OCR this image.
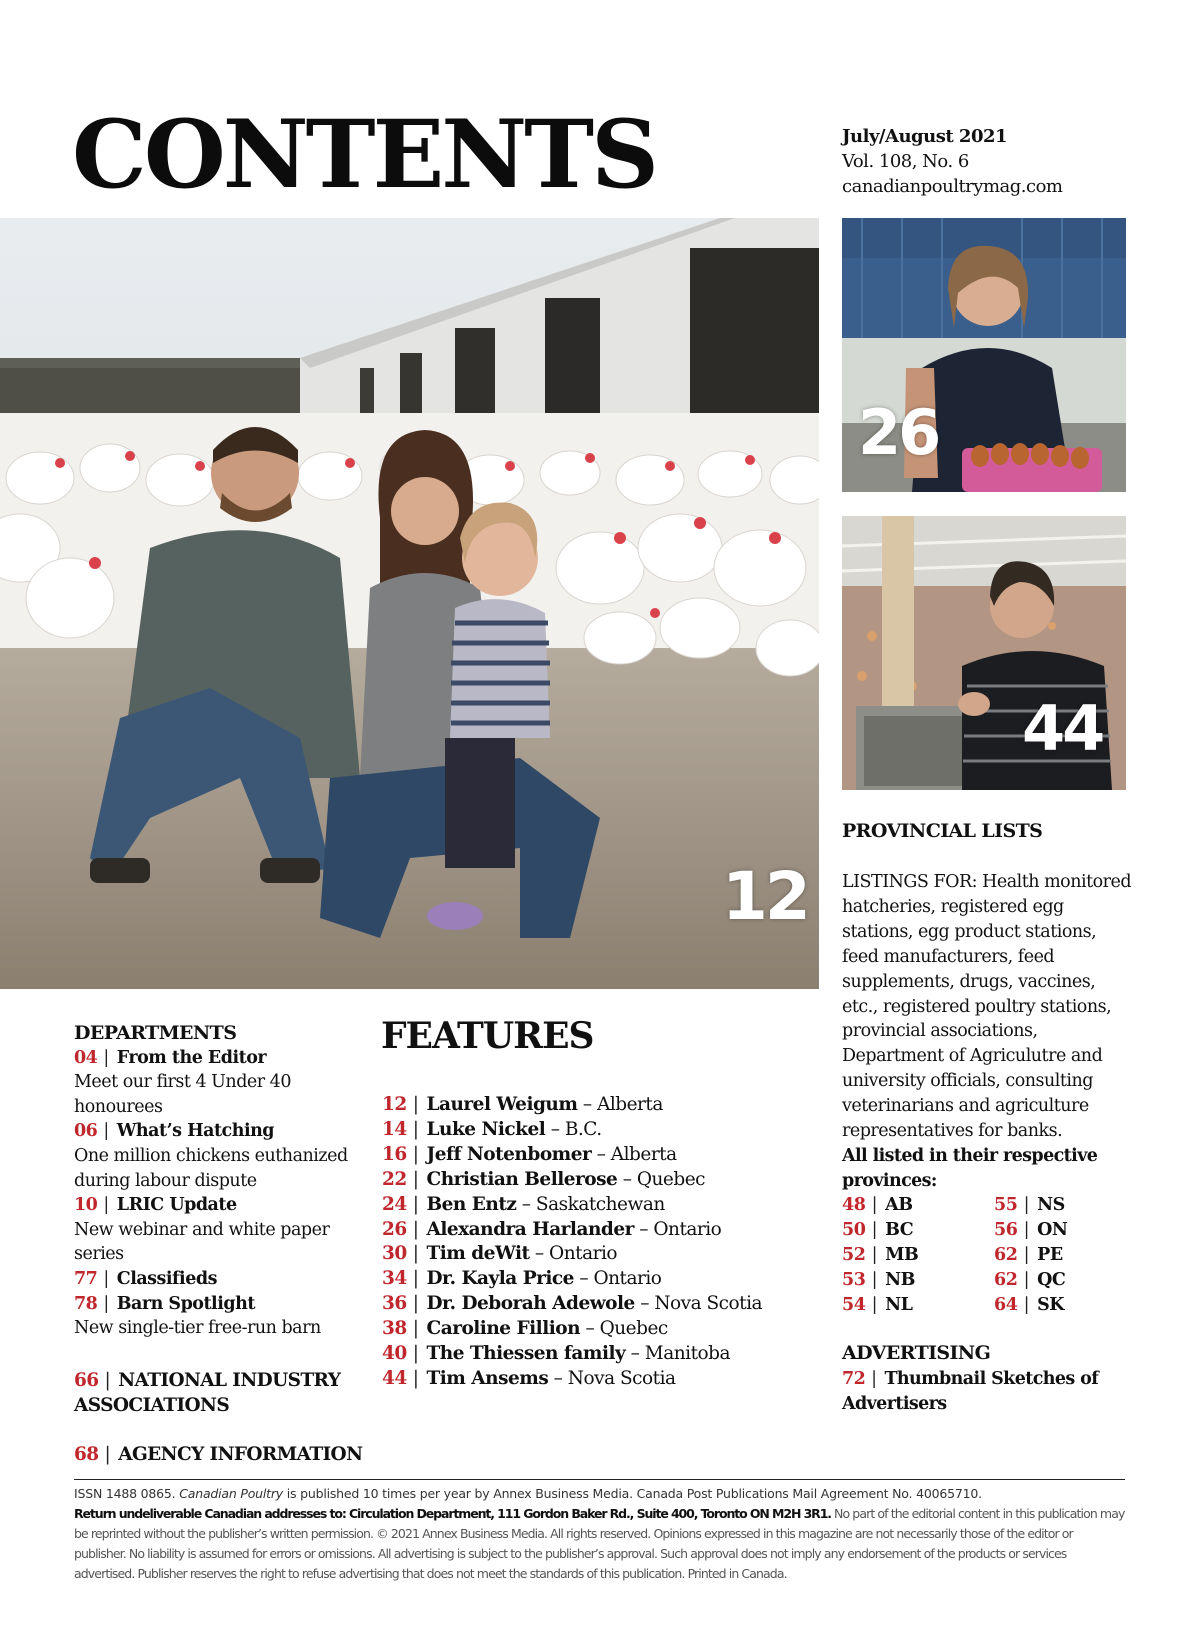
CONTENTS	July/August 2021
Vol. 108, No. 6
canadianpoultrymag.com
12
26
44
DEPARTMENTS
04 | From the Editor
Meet our first 4 Under 40 honourees
06 | What’s Hatching
One million chickens euthanized during labour dispute
10 | LRIC Update
New webinar and white paper series
77 | Classifieds
78 | Barn Spotlight
New single-tier free-run barn
66 | NATIONAL INDUSTRY ASSOCIATIONS
68 | AGENCY INFORMATION
FEATURES
12 | Laurel Weigum – Alberta
14 | Luke Nickel – B.C.
16 | Jeff Notenbomer – Alberta
22 | Christian Bellerose – Quebec
24 | Ben Entz – Saskatchewan
26 | Alexandra Harlander – Ontario
30 | Tim deWit – Ontario
34 | Dr. Kayla Price – Ontario
36 | Dr. Deborah Adewole – Nova Scotia
38 | Caroline Fillion – Quebec
40 | The Thiessen family – Manitoba
44 | Tim Ansems – Nova Scotia
PROVINCIAL LISTS
LISTINGS FOR: Health monitored hatcheries, registered egg stations, egg product stations, feed manufacturers, feed supplements, drugs, vaccines, etc., registered poultry stations, provincial associations, Department of Agriculutre and university officials, consulting veterinarians and agriculture representatives for banks.
All listed in their respective provinces:
48 | AB
50 | BC
52 | MB
53 | NB
54 | NL
55 | NS
56 | ON
62 | PE
62 | QC
64 | SK
ADVERTISING
72 | Thumbnail Sketches of Advertisers
ISSN 1488 0865. Canadian Poultry is published 10 times per year by Annex Business Media. Canada Post Publications Mail Agreement No. 40065710.
Return undeliverable Canadian addresses to: Circulation Department, 111 Gordon Baker Rd., Suite 400, Toronto ON M2H 3R1. No part of the editorial content in this publication may be reprinted without the publisher’s written permission. © 2021 Annex Business Media. All rights reserved. Opinions expressed in this magazine are not necessarily those of the editor or publisher. No liability is assumed for errors or omissions. All advertising is subject to the publisher’s approval. Such approval does not imply any endorsement of the products or services advertised. Publisher reserves the right to refuse advertising that does not meet the standards of this publication. Printed in Canada.
